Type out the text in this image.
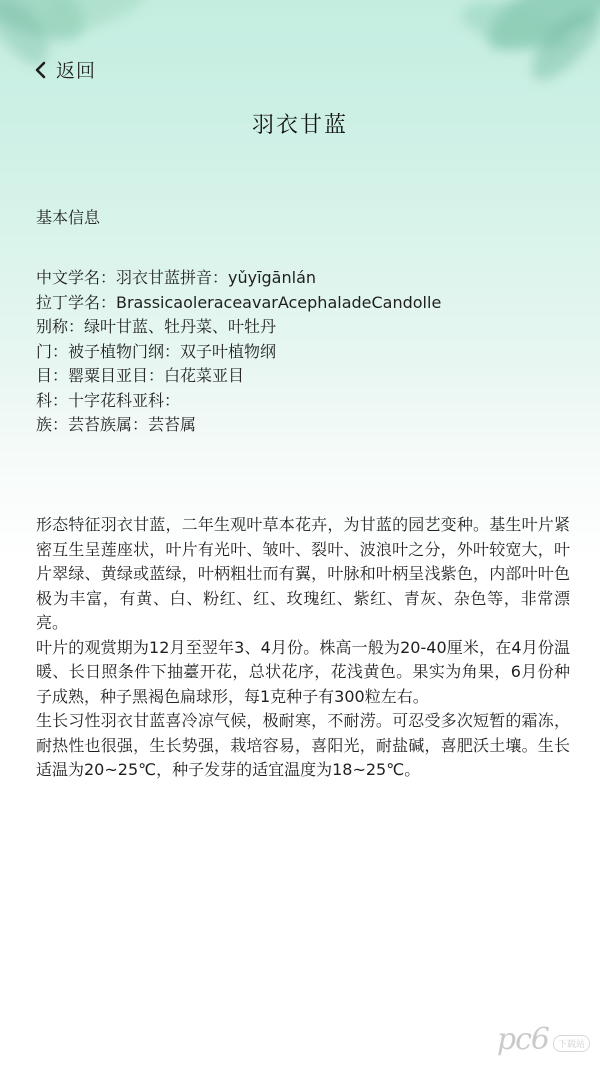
返回
羽衣甘蓝
基本信息
中文学名：羽衣甘蓝拼音：yǔyīgānlán
拉丁学名：BrassicaoleraceavarAcephaladeCandolle
别称：绿叶甘蓝、牡丹菜、叶牡丹
门：被子植物门纲：双子叶植物纲
目：罂粟目亚目：白花菜亚目
科：十字花科亚科：
族：芸苔族属：芸苔属

形态特征羽衣甘蓝，二年生观叶草本花卉，为甘蓝的园艺变种。基生叶片紧密互生呈莲座状，叶片有光叶、皱叶、裂叶、波浪叶之分，外叶较宽大，叶片翠绿、黄绿或蓝绿，叶柄粗壮而有翼，叶脉和叶柄呈浅紫色，内部叶叶色极为丰富，有黄、白、粉红、红、玫瑰红、紫红、青灰、杂色等，非常漂亮。

叶片的观赏期为12月至翌年3、4月份。株高一般为20-40厘米，在4月份温暖、长日照条件下抽薹开花，总状花序，花浅黄色。果实为角果，6月份种子成熟，种子黑褐色扁球形，每1克种子有300粒左右。

生长习性羽衣甘蓝喜冷凉气候，极耐寒，不耐涝。可忍受多次短暂的霜冻，耐热性也很强，生长势强，栽培容易，喜阳光，耐盐碱，喜肥沃土壤。生长适温为20~25℃，种子发芽的适宜温度为18~25℃。

pc6	下载站
